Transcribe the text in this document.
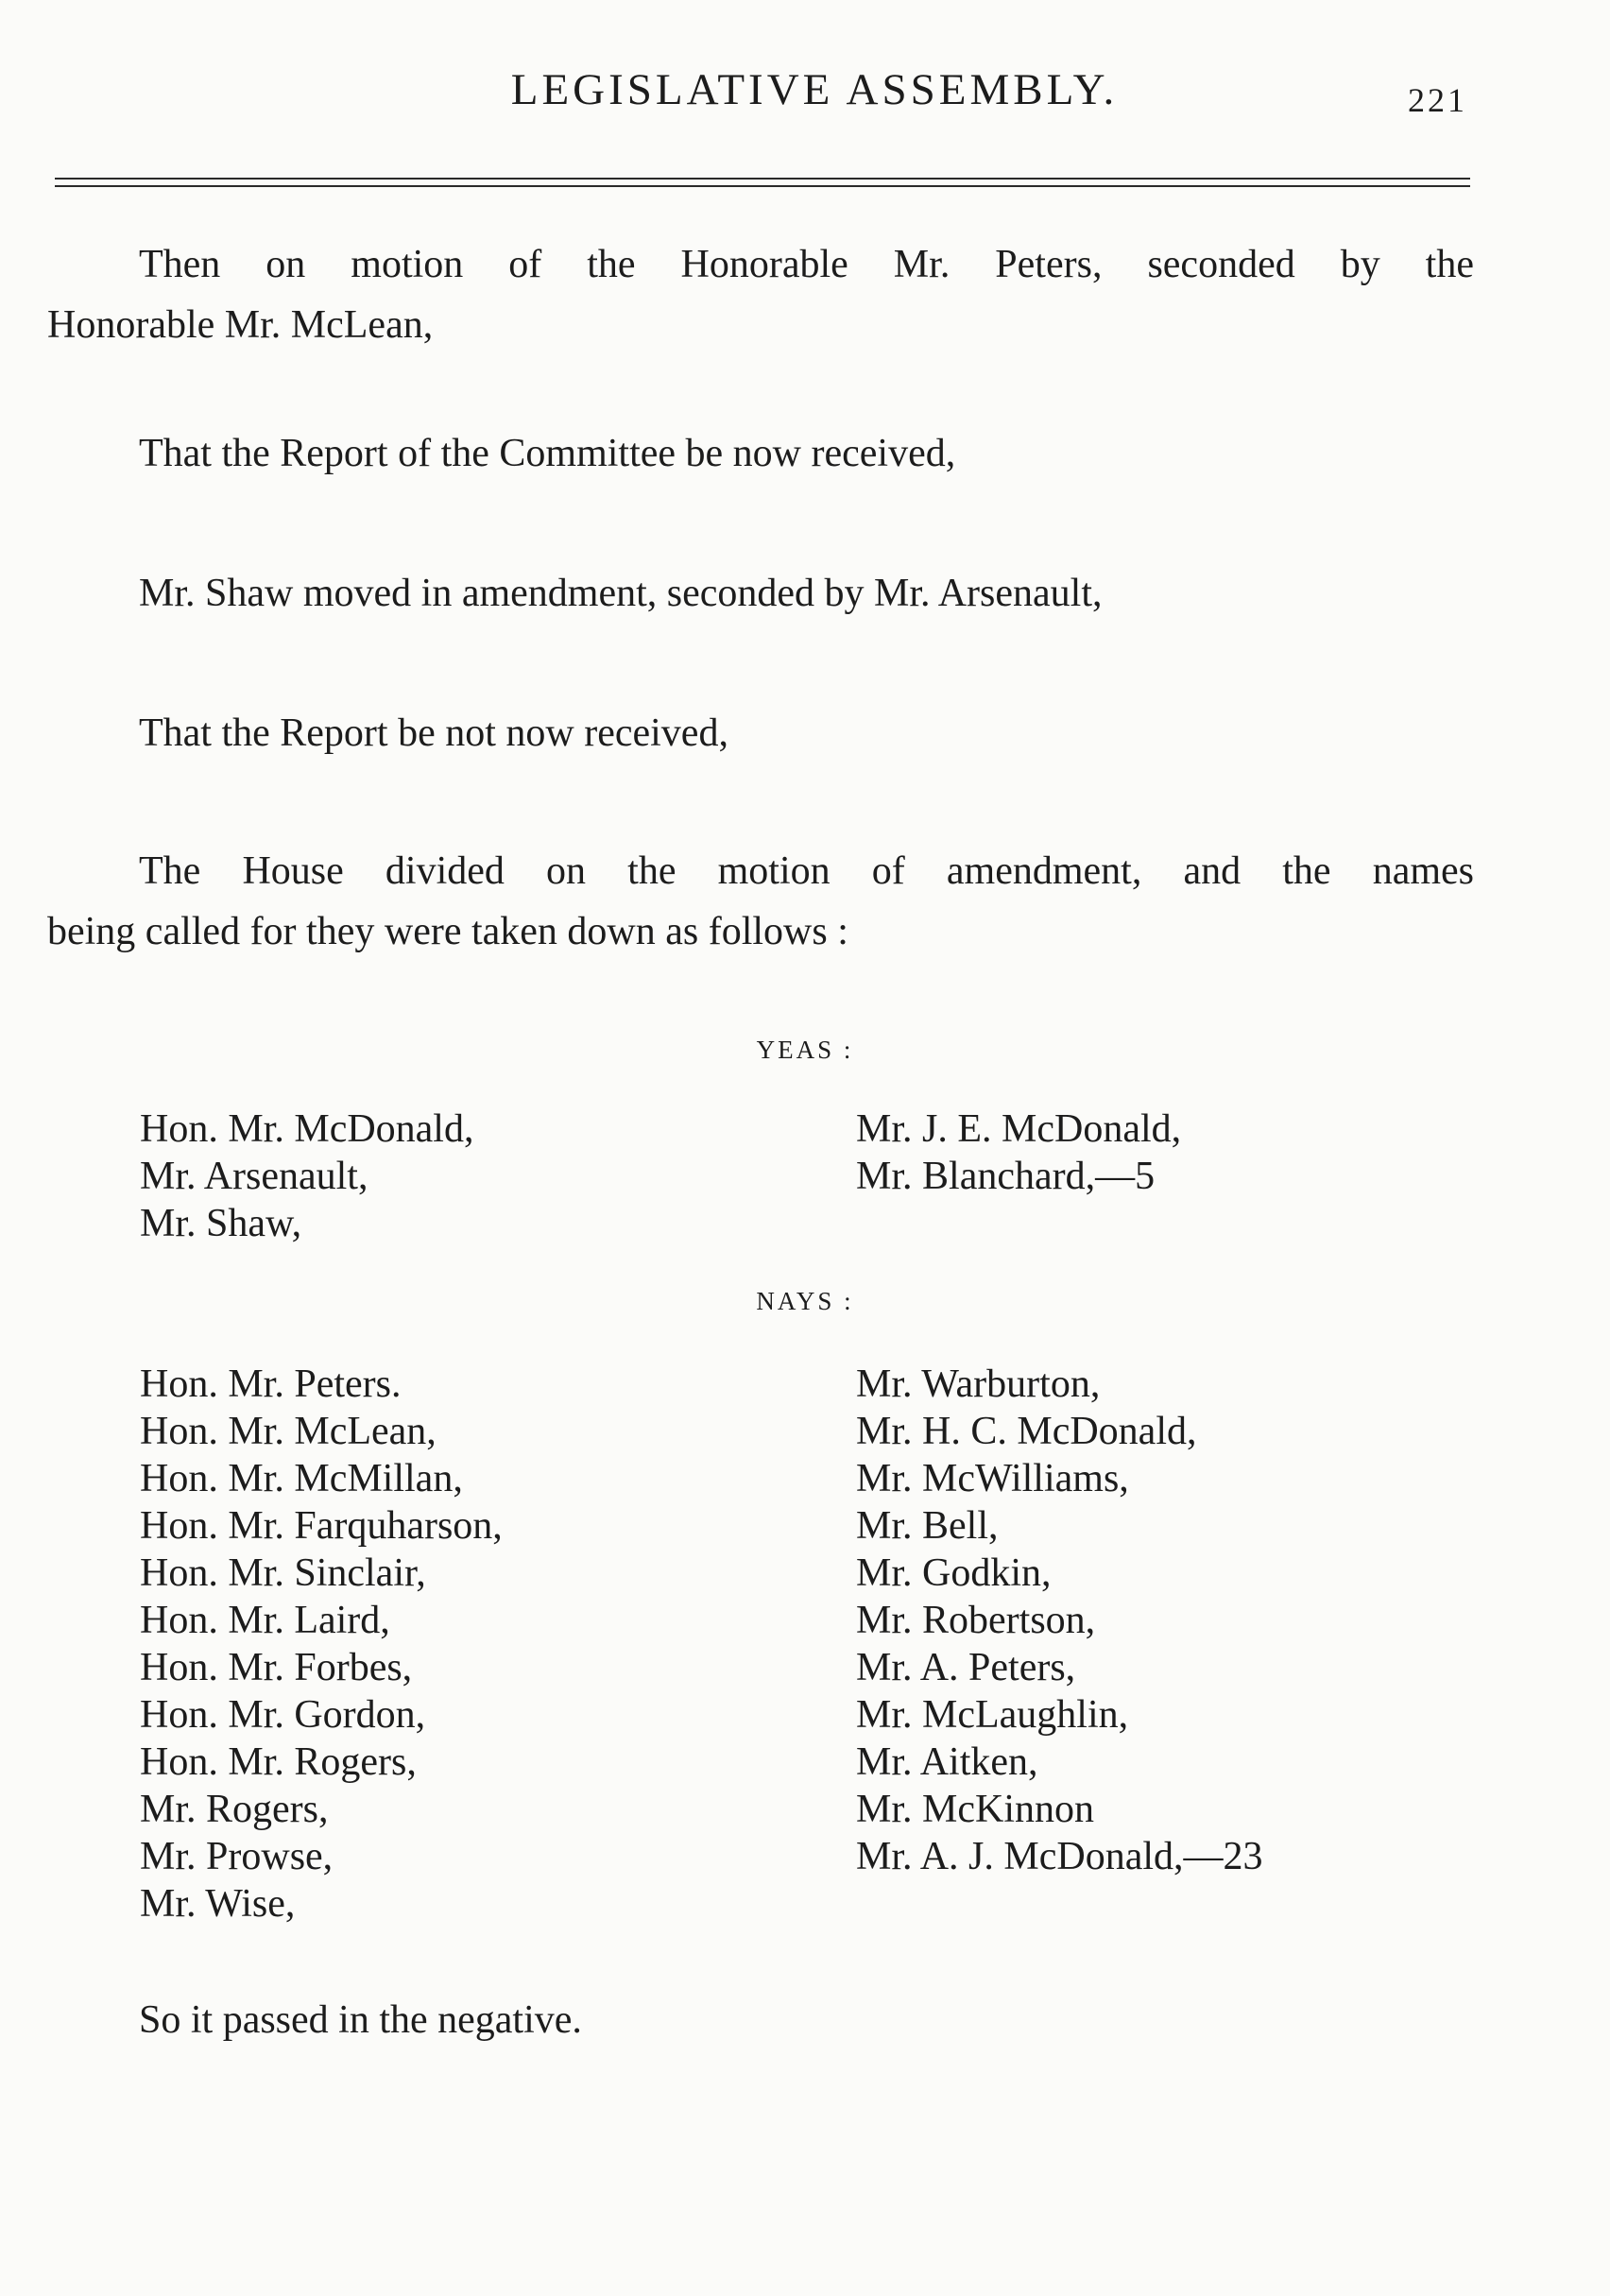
LEGISLATIVE ASSEMBLY.	221

Then on motion of the Honorable Mr. Peters, seconded by the
Honorable Mr. McLean,

That the Report of the Committee be now received,

Mr. Shaw moved in amendment, seconded by Mr. Arsenault,

That the Report be not now received,

The House divided on the motion of amendment, and the names
being called for they were taken down as follows :

YEAS :
Hon. Mr. McDonald,
Mr. Arsenault,
Mr. Shaw,
Mr. J. E. McDonald,
Mr. Blanchard,—5
NAYS :
Hon. Mr. Peters.
Hon. Mr. McLean,
Hon. Mr. McMillan,
Hon. Mr. Farquharson,
Hon. Mr. Sinclair,
Hon. Mr. Laird,
Hon. Mr. Forbes,
Hon. Mr. Gordon,
Hon. Mr. Rogers,
Mr. Rogers,
Mr. Prowse,
Mr. Wise,
Mr. Warburton,
Mr. H. C. McDonald,
Mr. McWilliams,
Mr. Bell,
Mr. Godkin,
Mr. Robertson,
Mr. A. Peters,
Mr. McLaughlin,
Mr. Aitken,
Mr. McKinnon
Mr. A. J. McDonald,—23

So it passed in the negative.
